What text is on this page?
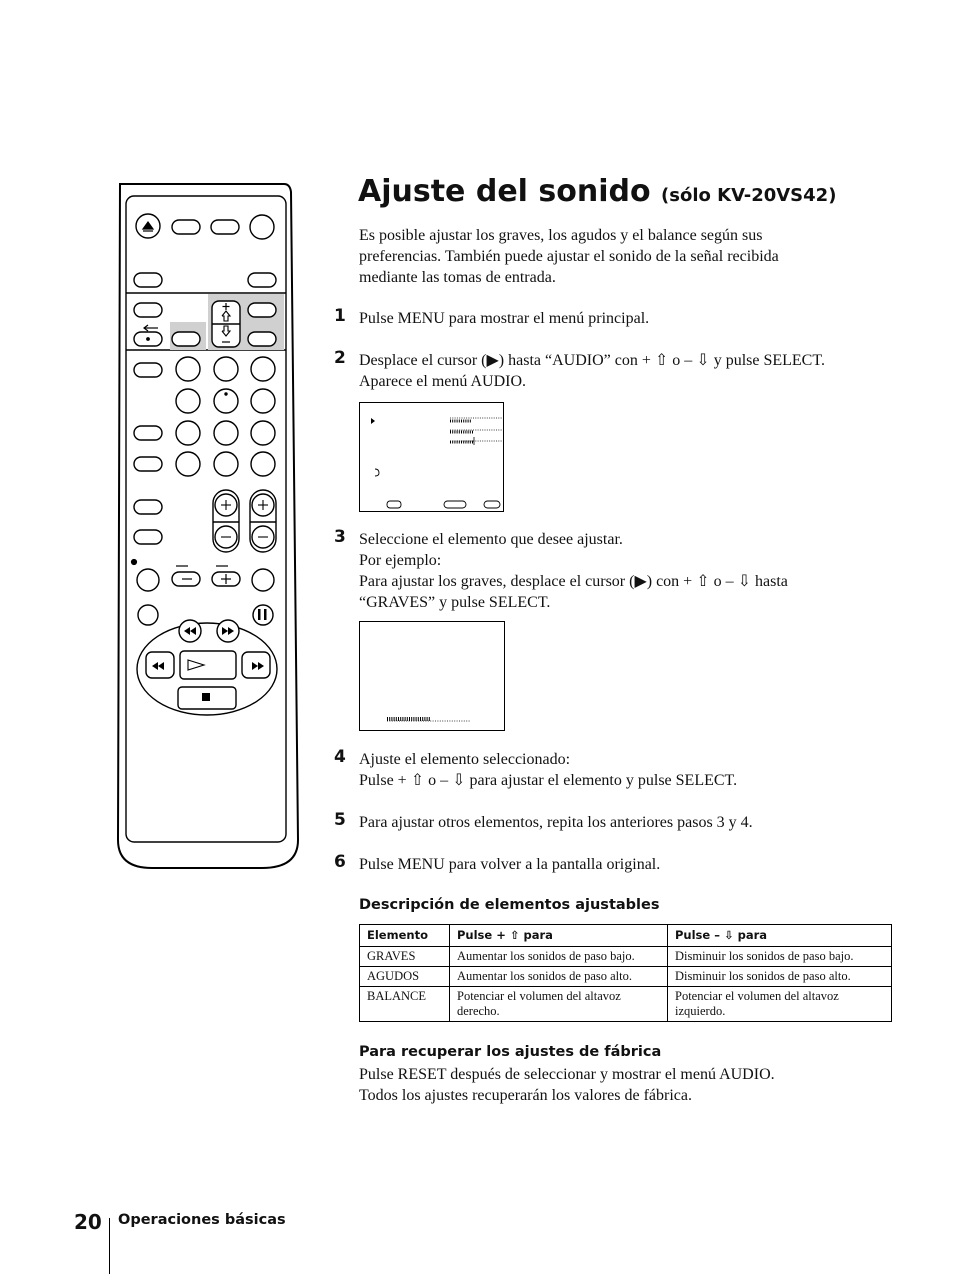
Ajuste del sonido (sólo KV-20VS42)

Es posible ajustar los graves, los agudos y el balance según sus preferencias. También puede ajustar el sonido de la señal recibida mediante las tomas de entrada.

1 Pulse MENU para mostrar el menú principal.

2 Desplace el cursor (▶) hasta “AUDIO” con + ⇧ o – ⇩ y pulse SELECT.

Aparece el menú AUDIO.

3 Seleccione el elemento que desee ajustar.

Por ejemplo:

Para ajustar los graves, desplace el cursor (▶) con + ⇧ o – ⇩ hasta

“GRAVES” y pulse SELECT.

4 Ajuste el elemento seleccionado:

Pulse + ⇧ o – ⇩ para ajustar el elemento y pulse SELECT.

5 Para ajustar otros elementos, repita los anteriores pasos 3 y 4.

6 Pulse MENU para volver a la pantalla original.

Descripción de elementos ajustables

Elemento	Pulse + ⇧ para	Pulse – ⇩ para
GRAVES	Aumentar los sonidos de paso bajo.	Disminuir los sonidos de paso bajo.
AGUDOS	Aumentar los sonidos de paso alto.	Disminuir los sonidos de paso alto.
BALANCE	Potenciar el volumen del altavoz derecho.	Potenciar el volumen del altavoz izquierdo.

Para recuperar los ajustes de fábrica

Pulse RESET después de seleccionar y mostrar el menú AUDIO.

Todos los ajustes recuperarán los valores de fábrica.

20 Operaciones básicas
